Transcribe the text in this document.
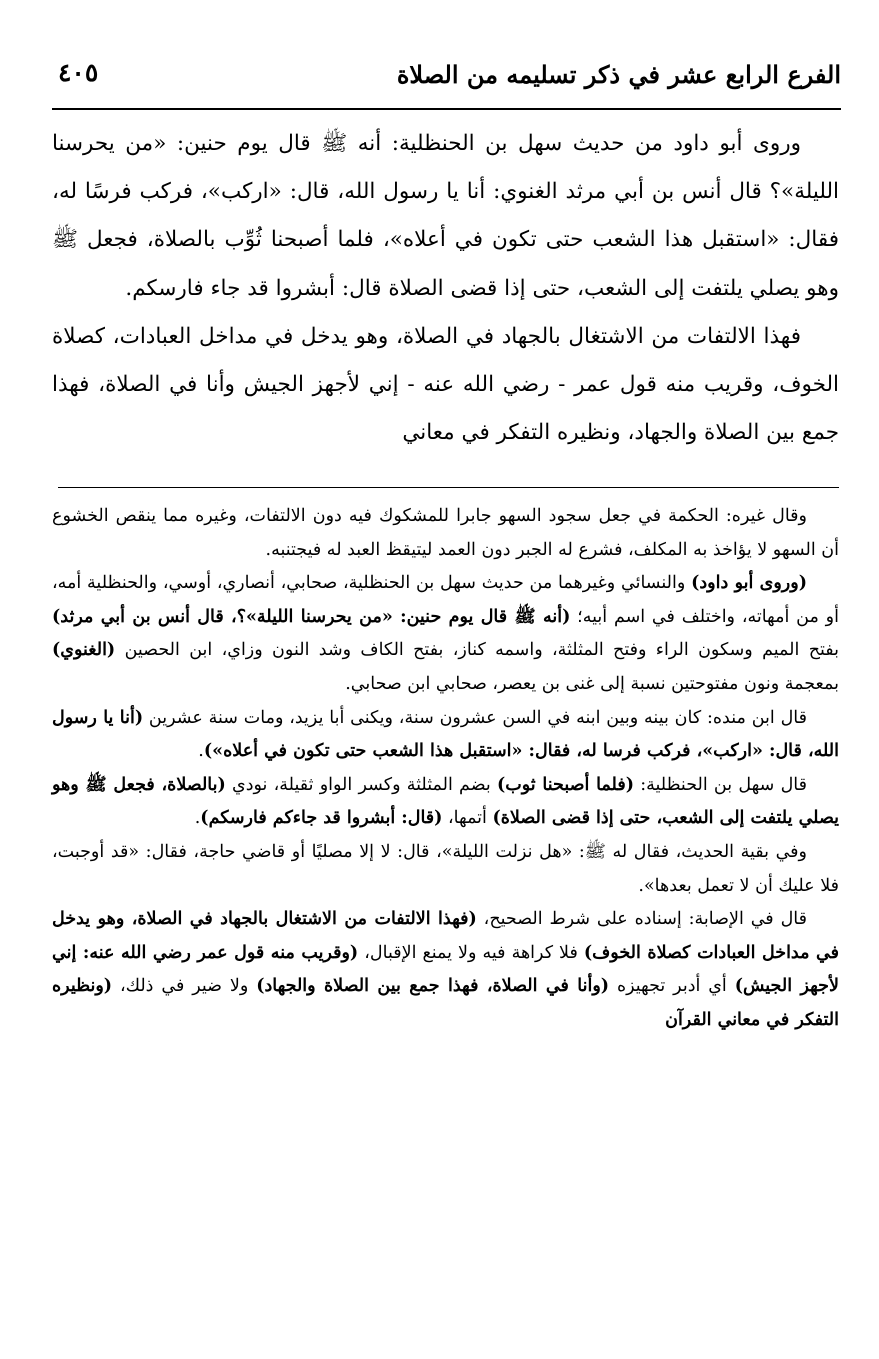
الفرع الرابع عشر في ذكر تسليمه من الصلاة
٤٠٥

وروى أبو داود من حديث سهل بن الحنظلية: أنه ﷺ قال يوم حنين: «من يحرسنا الليلة»؟ قال أنس بن أبي مرثد الغنوي: أنا يا رسول الله، قال: «اركب»، فركب فرسًا له، فقال: «استقبل هذا الشعب حتى تكون في أعلاه»، فلما أصبحنا ثُوِّب بالصلاة، فجعل ﷺ وهو يصلي يلتفت إلى الشعب، حتى إذا قضى الصلاة قال: أبشروا قد جاء فارسكم.

فهذا الالتفات من الاشتغال بالجهاد في الصلاة، وهو يدخل في مداخل العبادات، كصلاة الخوف، وقريب منه قول عمر - رضي الله عنه - إني لأجهز الجيش وأنا في الصلاة، فهذا جمع بين الصلاة والجهاد، ونظيره التفكر في معاني

وقال غيره: الحكمة في جعل سجود السهو جابرا للمشكوك فيه دون الالتفات، وغيره مما ينقص الخشوع أن السهو لا يؤاخذ به المكلف، فشرع له الجبر دون العمد ليتيقظ العبد له فيجتنبه.

(وروى أبو داود) والنسائي وغيرهما من حديث سهل بن الحنظلية، صحابي، أنصاري، أوسي، والحنظلية أمه، أو من أمهاته، واختلف في اسم أبيه؛ (أنه ﷺ قال يوم حنين: «من يحرسنا الليلة»؟، قال أنس بن أبي مرثد) بفتح الميم وسكون الراء وفتح المثلثة، واسمه كناز، بفتح الكاف وشد النون وزاي، ابن الحصين (الغنوي) بمعجمة ونون مفتوحتين نسبة إلى غنى بن يعصر، صحابي ابن صحابي.

قال ابن منده: كان بينه وبين ابنه في السن عشرون سنة، ويكنى أبا يزيد، ومات سنة عشرين (أنا يا رسول الله، قال: «اركب»، فركب فرسا له، فقال: «استقبل هذا الشعب حتى تكون في أعلاه»).

قال سهل بن الحنظلية: (فلما أصبحنا ثوب) بضم المثلثة وكسر الواو ثقيلة، نودي (بالصلاة، فجعل ﷺ وهو يصلي يلتفت إلى الشعب، حتى إذا قضى الصلاة) أتمها، (قال: أبشروا قد جاءكم فارسكم).

وفي بقية الحديث، فقال له ﷺ: «هل نزلت الليلة»، قال: لا إلا مصليًا أو قاضي حاجة، فقال: «قد أوجبت، فلا عليك أن لا تعمل بعدها».

قال في الإصابة: إسناده على شرط الصحيح، (فهذا الالتفات من الاشتغال بالجهاد في الصلاة، وهو يدخل في مداخل العبادات كصلاة الخوف) فلا كراهة فيه ولا يمنع الإقبال، (وقريب منه قول عمر رضي الله عنه: إني لأجهز الجيش) أي أدبر تجهيزه (وأنا في الصلاة، فهذا جمع بين الصلاة والجهاد) ولا ضير في ذلك، (ونظيره التفكر في معاني القرآن
